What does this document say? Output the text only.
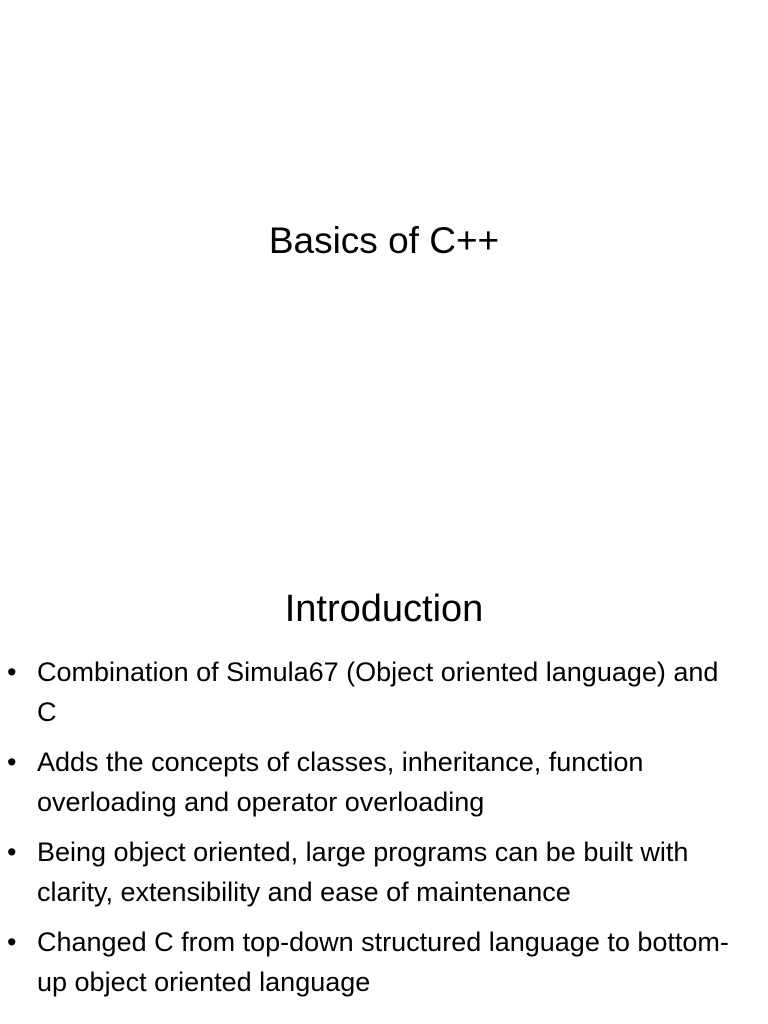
Basics of C++
Introduction
• Combination of Simula67 (Object oriented language) and C
• Adds the concepts of classes, inheritance, function overloading and operator overloading
• Being object oriented, large programs can be built with clarity, extensibility and ease of maintenance
• Changed C from top-down structured language to bottom-up object oriented language
